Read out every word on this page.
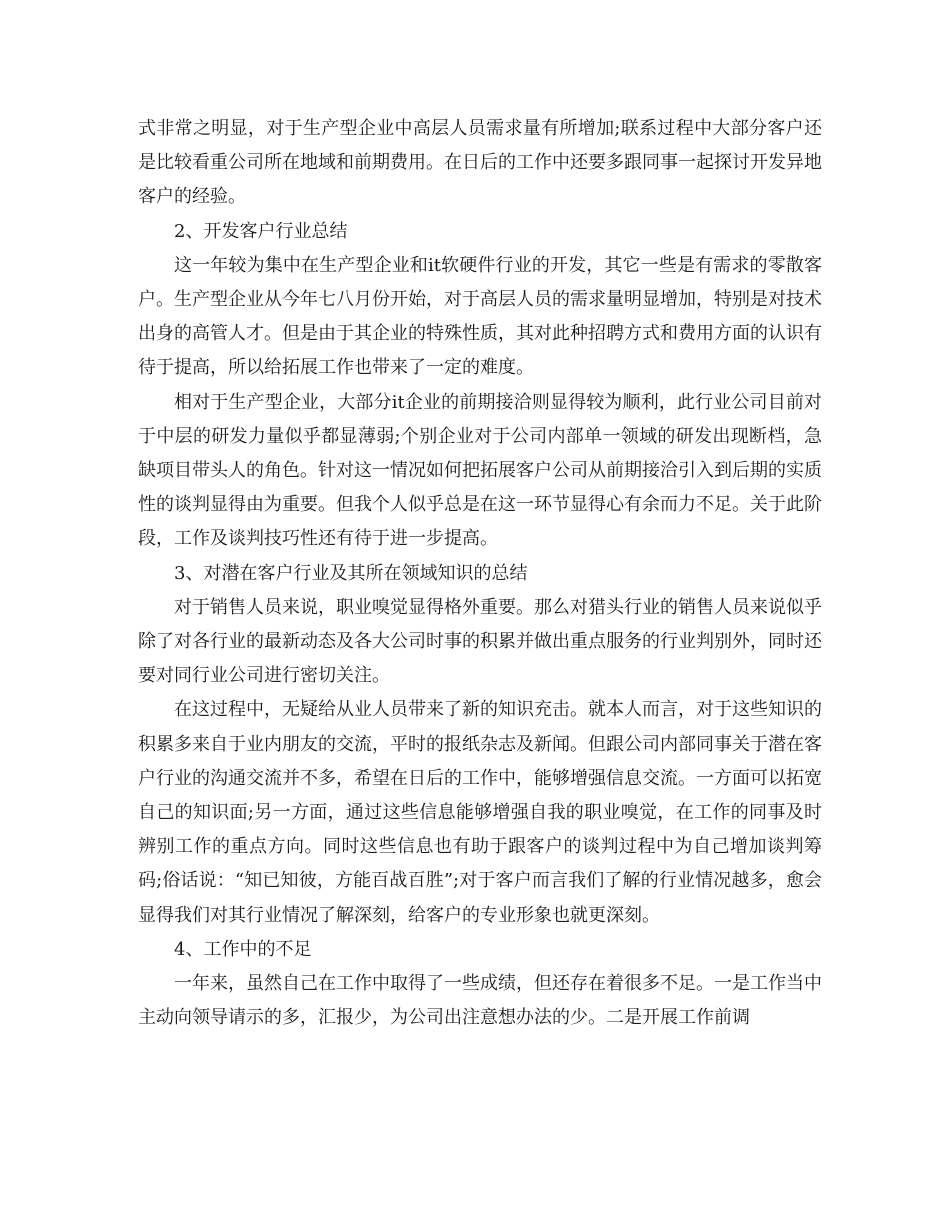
式非常之明显，对于生产型企业中高层人员需求量有所增加;联系过程中大部分客户还是比较看重公司所在地域和前期费用。在日后的工作中还要多跟同事一起探讨开发异地客户的经验。

2、开发客户行业总结

这一年较为集中在生产型企业和it软硬件行业的开发，其它一些是有需求的零散客户。生产型企业从今年七八月份开始，对于高层人员的需求量明显增加，特别是对技术出身的高管人才。但是由于其企业的特殊性质，其对此种招聘方式和费用方面的认识有待于提高，所以给拓展工作也带来了一定的难度。

相对于生产型企业，大部分it企业的前期接洽则显得较为顺利，此行业公司目前对于中层的研发力量似乎都显薄弱;个别企业对于公司内部单一领域的研发出现断档，急缺项目带头人的角色。针对这一情况如何把拓展客户公司从前期接洽引入到后期的实质性的谈判显得由为重要。但我个人似乎总是在这一环节显得心有余而力不足。关于此阶段，工作及谈判技巧性还有待于进一步提高。

3、对潜在客户行业及其所在领域知识的总结

对于销售人员来说，职业嗅觉显得格外重要。那么对猎头行业的销售人员来说似乎除了对各行业的最新动态及各大公司时事的积累并做出重点服务的行业判别外，同时还要对同行业公司进行密切关注。

在这过程中，无疑给从业人员带来了新的知识充击。就本人而言，对于这些知识的积累多来自于业内朋友的交流，平时的报纸杂志及新闻。但跟公司内部同事关于潜在客户行业的沟通交流并不多，希望在日后的工作中，能够增强信息交流。一方面可以拓宽自己的知识面;另一方面，通过这些信息能够增强自我的职业嗅觉，在工作的同事及时辨别工作的重点方向。同时这些信息也有助于跟客户的谈判过程中为自己增加谈判筹码;俗话说：“知已知彼，方能百战百胜”;对于客户而言我们了解的行业情况越多，愈会显得我们对其行业情况了解深刻，给客户的专业形象也就更深刻。

4、工作中的不足

一年来，虽然自己在工作中取得了一些成绩，但还存在着很多不足。一是工作当中主动向领导请示的多，汇报少，为公司出注意想办法的少。二是开展工作前调
